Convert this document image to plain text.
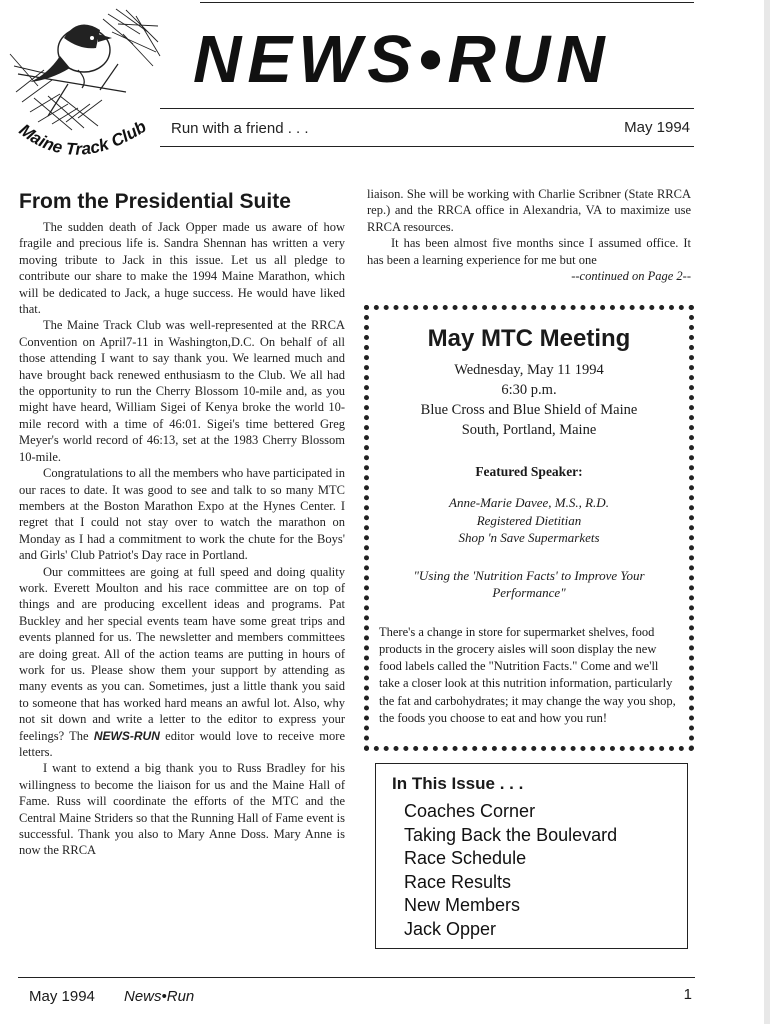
Maine Track Club
NEWS•RUN
Run with a friend . . .	May 1994
From the Presidential Suite

The sudden death of Jack Opper made us aware of how fragile and precious life is. Sandra Shennan has written a very moving tribute to Jack in this issue. Let us all pledge to contribute our share to make the 1994 Maine Marathon, which will be dedicated to Jack, a huge success. He would have liked that.

The Maine Track Club was well-represented at the RRCA Convention on April7-11 in Washington,D.C. On behalf of all those attending I want to say thank you. We learned much and have brought back renewed enthusiasm to the Club. We all had the opportunity to run the Cherry Blossom 10-mile and, as you might have heard, William Sigei of Kenya broke the world 10-mile record with a time of 46:01. Sigei's time bettered Greg Meyer's world record of 46:13, set at the 1983 Cherry Blossom 10-mile.

Congratulations to all the members who have participated in our races to date. It was good to see and talk to so many MTC members at the Boston Marathon Expo at the Hynes Center. I regret that I could not stay over to watch the marathon on Monday as I had a commitment to work the chute for the Boys' and Girls' Club Patriot's Day race in Portland.

Our committees are going at full speed and doing quality work. Everett Moulton and his race committee are on top of things and are producing excellent ideas and programs. Pat Buckley and her special events team have some great trips and events planned for us. The newsletter and members committees are doing great. All of the action teams are putting in hours of work for us. Please show them your support by attending as many events as you can. Sometimes, just a little thank you said to someone that has worked hard means an awful lot. Also, why not sit down and write a letter to the editor to express your feelings? The NEWS-RUN editor would love to receive more letters.

I want to extend a big thank you to Russ Bradley for his willingness to become the liaison for us and the Maine Hall of Fame. Russ will coordinate the efforts of the MTC and the Central Maine Striders so that the Running Hall of Fame event is successful. Thank you also to Mary Anne Doss. Mary Anne is now the RRCA

liaison. She will be working with Charlie Scribner (State RRCA rep.) and the RRCA office in Alexandria, VA to maximize use RRCA resources.

It has been almost five months since I assumed office. It has been a learning experience for me but one

--continued on Page 2--
May MTC Meeting
Wednesday, May 11 1994
6:30 p.m.
Blue Cross and Blue Shield of Maine
South, Portland, Maine
Featured Speaker:
Anne-Marie Davee, M.S., R.D.
Registered Dietitian
Shop 'n Save Supermarkets
"Using the 'Nutrition Facts' to Improve Your Performance"
There's a change in store for supermarket shelves, food products in the grocery aisles will soon display the new food labels called the "Nutrition Facts." Come and we'll take a closer look at this nutrition information, particularly the fat and carbohydrates; it may change the way you shop, the foods you choose to eat and how you run!
In This Issue . . .
Coaches Corner
Taking Back the Boulevard
Race Schedule
Race Results
New Members
Jack Opper
May 1994 News•Run	1
